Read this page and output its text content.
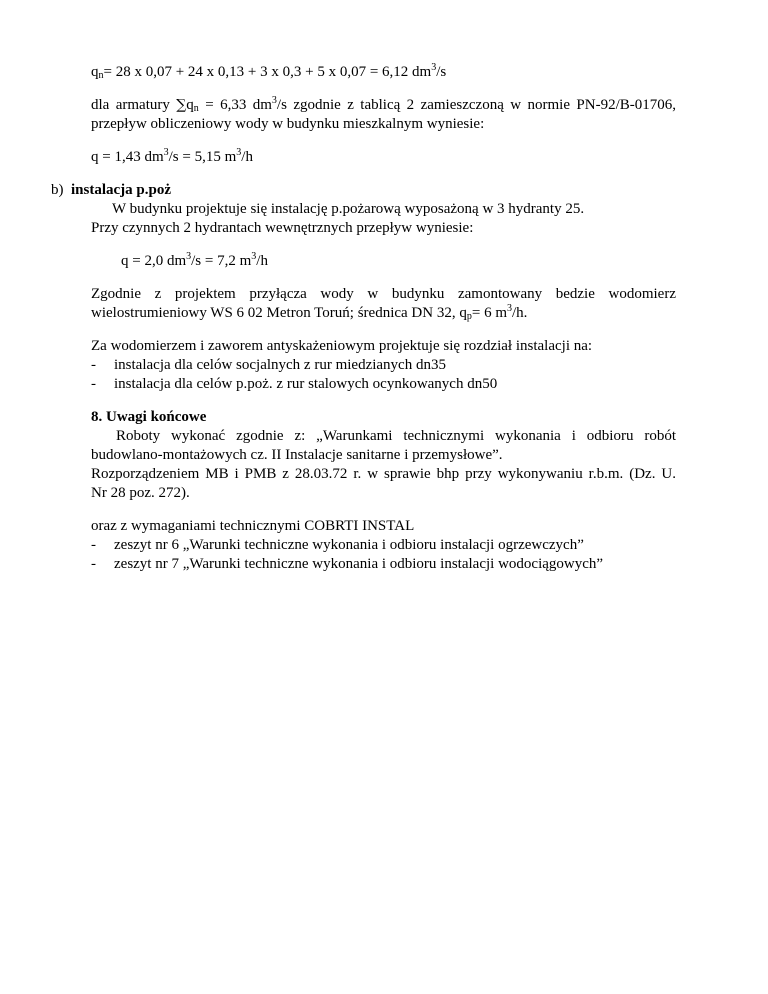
$q_n= 28$ x 0,07 + 24 x 0,13 + 3 x 0,3 + 5 x 0,07 = 6,12 $dm^3/s$
dla armatury $\sum q_n = 6,33$ $dm^3/s$ zgodnie z tablicą 2 zamieszczoną w normie PN-92/B-01706,
przepływ obliczeniowy wody w budynku mieszkalnym wyniesie:
q = 1,43 $dm^3/s = 5,15$ $m^3/h$
b) instalacja p.poż
W budynku projektuje się instalację p.pożarową wyposażoną w 3 hydranty 25.
Przy czynnych 2 hydrantach wewnętrznych przepływ wyniesie:
q = 2,0 $dm^3/s = 7,2$ $m^3/h$
Zgodnie z projektem przyłącza wody w budynku zamontowany bedzie wodomierz
wielostrumieniowy WS 6 02 Metron Toruń; średnica DN 32, $q_p= 6$ $m^3/h$.
Za wodomierzem i zaworem antyskażeniowym projektuje się rozdział instalacji na:
- instalacja dla celów socjalnych z rur miedzianych dn35
- instalacja dla celów p.poż. z rur stalowych ocynkowanych dn50
8. Uwagi końcowe
Roboty wykonać zgodnie z: „Warunkami technicznymi wykonania i odbioru robót
budowlano-montażowych cz. II Instalacje sanitarne i przemysłowe”.
Rozporządzeniem MB i PMB z 28.03.72 r. w sprawie bhp przy wykonywaniu r.b.m. (Dz. U.
Nr 28 poz. 272).
oraz z wymaganiami technicznymi COBRTI INSTAL
- zeszyt nr 6 „Warunki techniczne wykonania i odbioru instalacji ogrzewczych”
- zeszyt nr 7 „Warunki techniczne wykonania i odbioru instalacji wodociągowych”
